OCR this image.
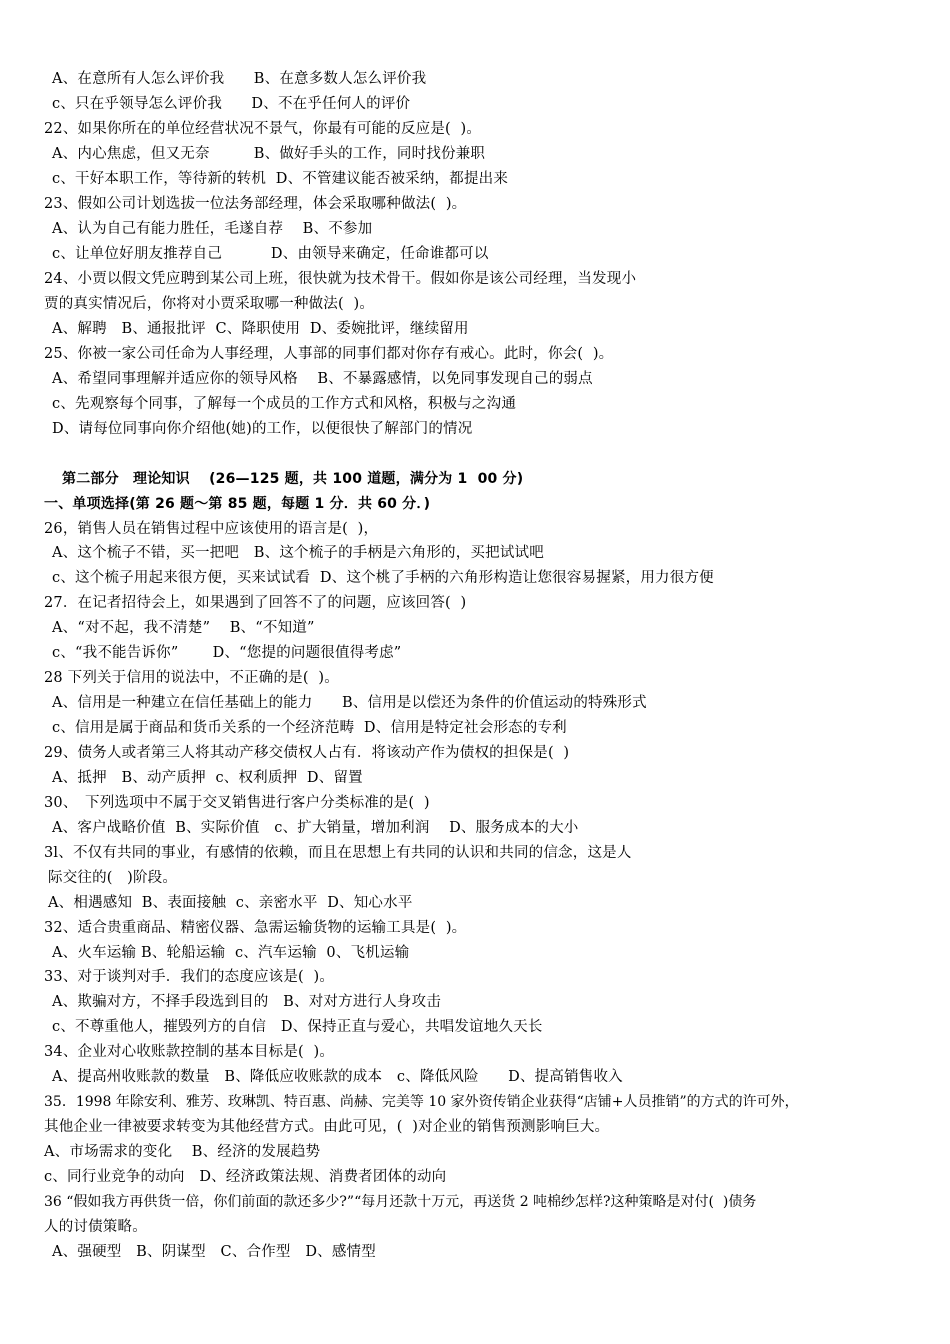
A、在意所有人怎么评价我　　B、在意多数人怎么评价我
c、只在乎领导怎么评价我　　D、不在乎任何人的评价
22、如果你所在的单位经营状况不景气，你最有可能的反应是(  )。
A、内心焦虑，但又无奈　　　B、做好手头的工作，同时找份兼职
c、干好本职工作，等待新的转机  D、不管建议能否被采纳，都提出来
23、假如公司计划选拔一位法务部经理，体会采取哪种做法(  )。
A、认为自己有能力胜任，毛遂自荐　 B、不参加
c、让单位好朋友推荐自己　　　 D、由领导来确定，任命谁都可以
24、小贾以假文凭应聘到某公司上班，很快就为技术骨干。假如你是该公司经理，当发现小
贾的真实情况后，你将对小贾采取哪一种做法(  )。
A、解聘　B、通报批评  C、降职使用  D、委婉批评，继续留用
25、你被一家公司任命为人事经理，人事部的同事们都对你存有戒心。此时，你会(  )。
A、希望同事理解并适应你的领导风格　 B、不暴露感情，以免同事发现自己的弱点
c、先观察每个同事，了解每一个成员的工作方式和风格，积极与之沟通
D、请每位同事向你介绍他(她)的工作，以便很快了解部门的情况
第二部分　理论知识　 (26—125 题，共 100 道题，满分为 1  00 分)
一、单项选择(第 26 题～第 85 题，每题 1 分．共 60 分．)
26，销售人员在销售过程中应该使用的语言是(  )，
A、这个梳子不错，买一把吧　B、这个梳子的手柄是六角形的，买把试试吧
c、这个梳子用起来很方便，买来试试看  D、这个桃了手柄的六角形构造让您很容易握紧，用力很方便
27．在记者招待会上，如果遇到了回答不了的问题，应该回答(  )
A、“对不起，我不清楚”　 B、“不知道”
c、“我不能告诉你”　　 D、“您提的问题很值得考虑”
28 下列关于信用的说法中，不正确的是(  )。
A、信用是一种建立在信任基础上的能力　　B、信用是以偿还为条件的价值运动的特殊形式
c、信用是属于商品和货币关系的一个经济范畴  D、信用是特定社会形态的专利
29、债务人或者第三人将其动产移交债权人占有．将该动产作为债权的担保是(  )
A、抵押　B、动产质押  c、权利质押  D、留置
30、　下列选项中不属于交叉销售进行客户分类标准的是(  )
A、客户战略价值  B、实际价值　c、扩大销量，增加利润　 D、服务成本的大小
3l、不仅有共同的事业，有感情的依赖，而且在思想上有共同的认识和共同的信念，这是人
际交往的(   )阶段。
A、相遇感知  B、表面接触  c、亲密水平  D、知心水平
32、适合贵重商品、精密仪器、急需运输货物的运输工具是(  )。
A、火车运输 B、轮船运输  c、汽车运输  0、飞机运输
33、对于谈判对手．我们的态度应该是(  )。
A、欺骗对方，不择手段选到目的　B、对对方进行人身攻击
c、不尊重他人，摧毁列方的自信　D、保持正直与爱心，共唱发谊地久天长
34、企业对心收账款控制的基本目标是(  )。
A、提高州收账款的数量　B、降低应收账款的成本　c、降低风险　　D、提高销售收入
35．1998 年除安利、雅芳、玫琳凯、特百惠、尚赫、完美等 10 家外资传销企业获得“店铺+人员推销”的方式的许可外，
其他企业一律被要求转变为其他经营方式。由此可见，(  )对企业的销售预测影响巨大。
A、市场需求的变化　 B、经济的发展趋势
c、同行业竞争的动向　D、经济政策法规、消费者团体的动向
36 “假如我方再供货一倍，你们前面的款还多少?”“每月还款十万元，再送货 2 吨棉纱怎样?这种策略是对付(  )债务
人的讨债策略。
A、强硬型　B、阴谋型　C、合作型　D、感情型
